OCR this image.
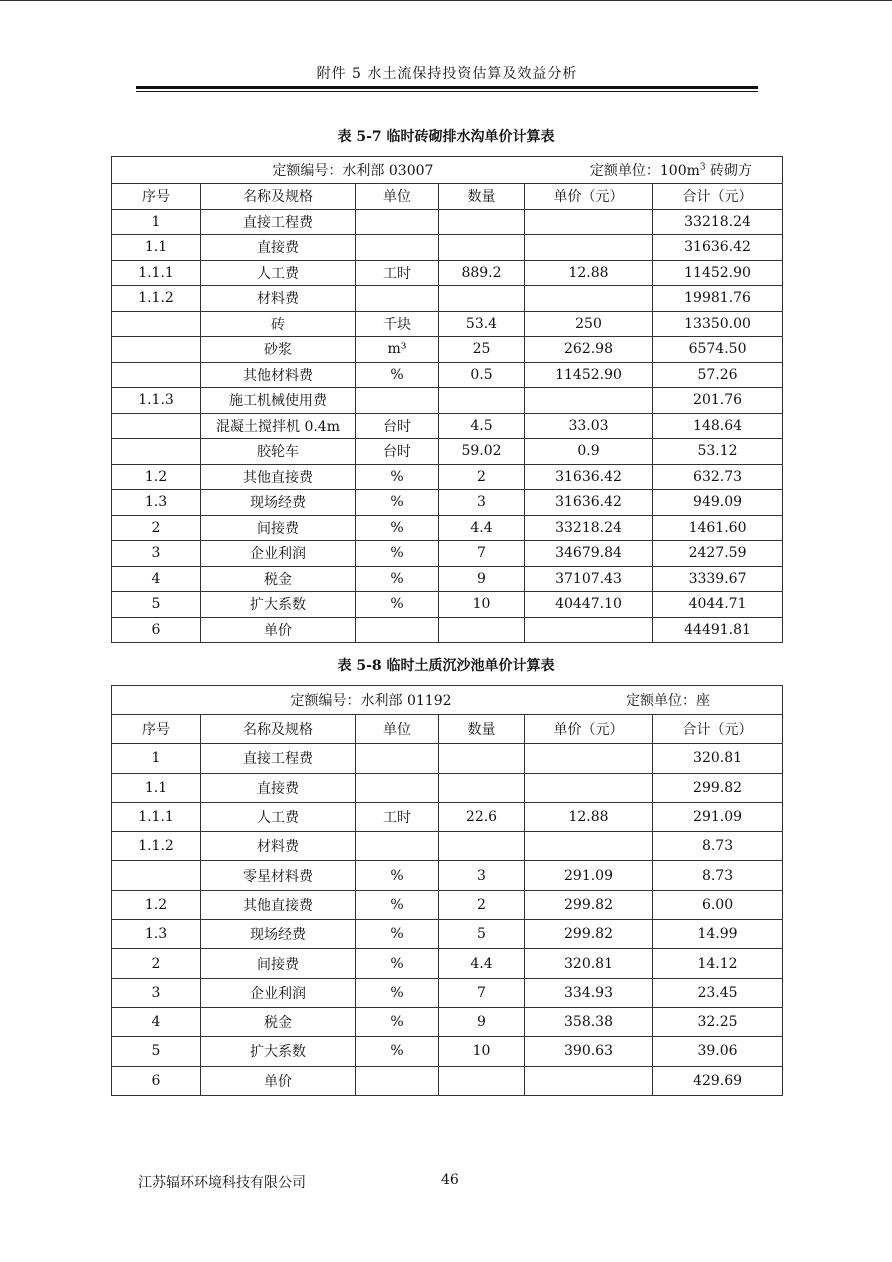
附件 5 水土流保持投资估算及效益分析
表 5-7 临时砖砌排水沟单价计算表
定额编号：水利部 03007 定额单位：$100m^3$ 砖砌方					

序号	名称及规格	单位	数量	单价（元）	合计（元）
1	直接工程费				33218.24
1.1	直接费				31636.42
1.1.1	人工费	工时	889.2	12.88	11452.90
1.1.2	材料费				19981.76
	砖	千块	53.4	250	13350.00
	砂浆	m³	25	262.98	6574.50
	其他材料费	%	0.5	11452.90	57.26
1.1.3	施工机械使用费				201.76
	混凝土搅拌机 0.4m	台时	4.5	33.03	148.64
	胶轮车	台时	59.02	0.9	53.12
1.2	其他直接费	%	2	31636.42	632.73
1.3	现场经费	%	3	31636.42	949.09
2	间接费	%	4.4	33218.24	1461.60
3	企业利润	%	7	34679.84	2427.59
4	税金	%	9	37107.43	3339.67
5	扩大系数	%	10	40447.10	4044.71
6	单价				44491.81
表 5-8 临时土质沉沙池单价计算表
定额编号：水利部 01192 定额单位：座					

序号	名称及规格	单位	数量	单价（元）	合计（元）
1	直接工程费				320.81
1.1	直接费				299.82
1.1.1	人工费	工时	22.6	12.88	291.09
1.1.2	材料费				8.73
	零星材料费	%	3	291.09	8.73
1.2	其他直接费	%	2	299.82	6.00
1.3	现场经费	%	5	299.82	14.99
2	间接费	%	4.4	320.81	14.12
3	企业利润	%	7	334.93	23.45
4	税金	%	9	358.38	32.25
5	扩大系数	%	10	390.63	39.06
6	单价				429.69
江苏辐环环境科技有限公司	46
